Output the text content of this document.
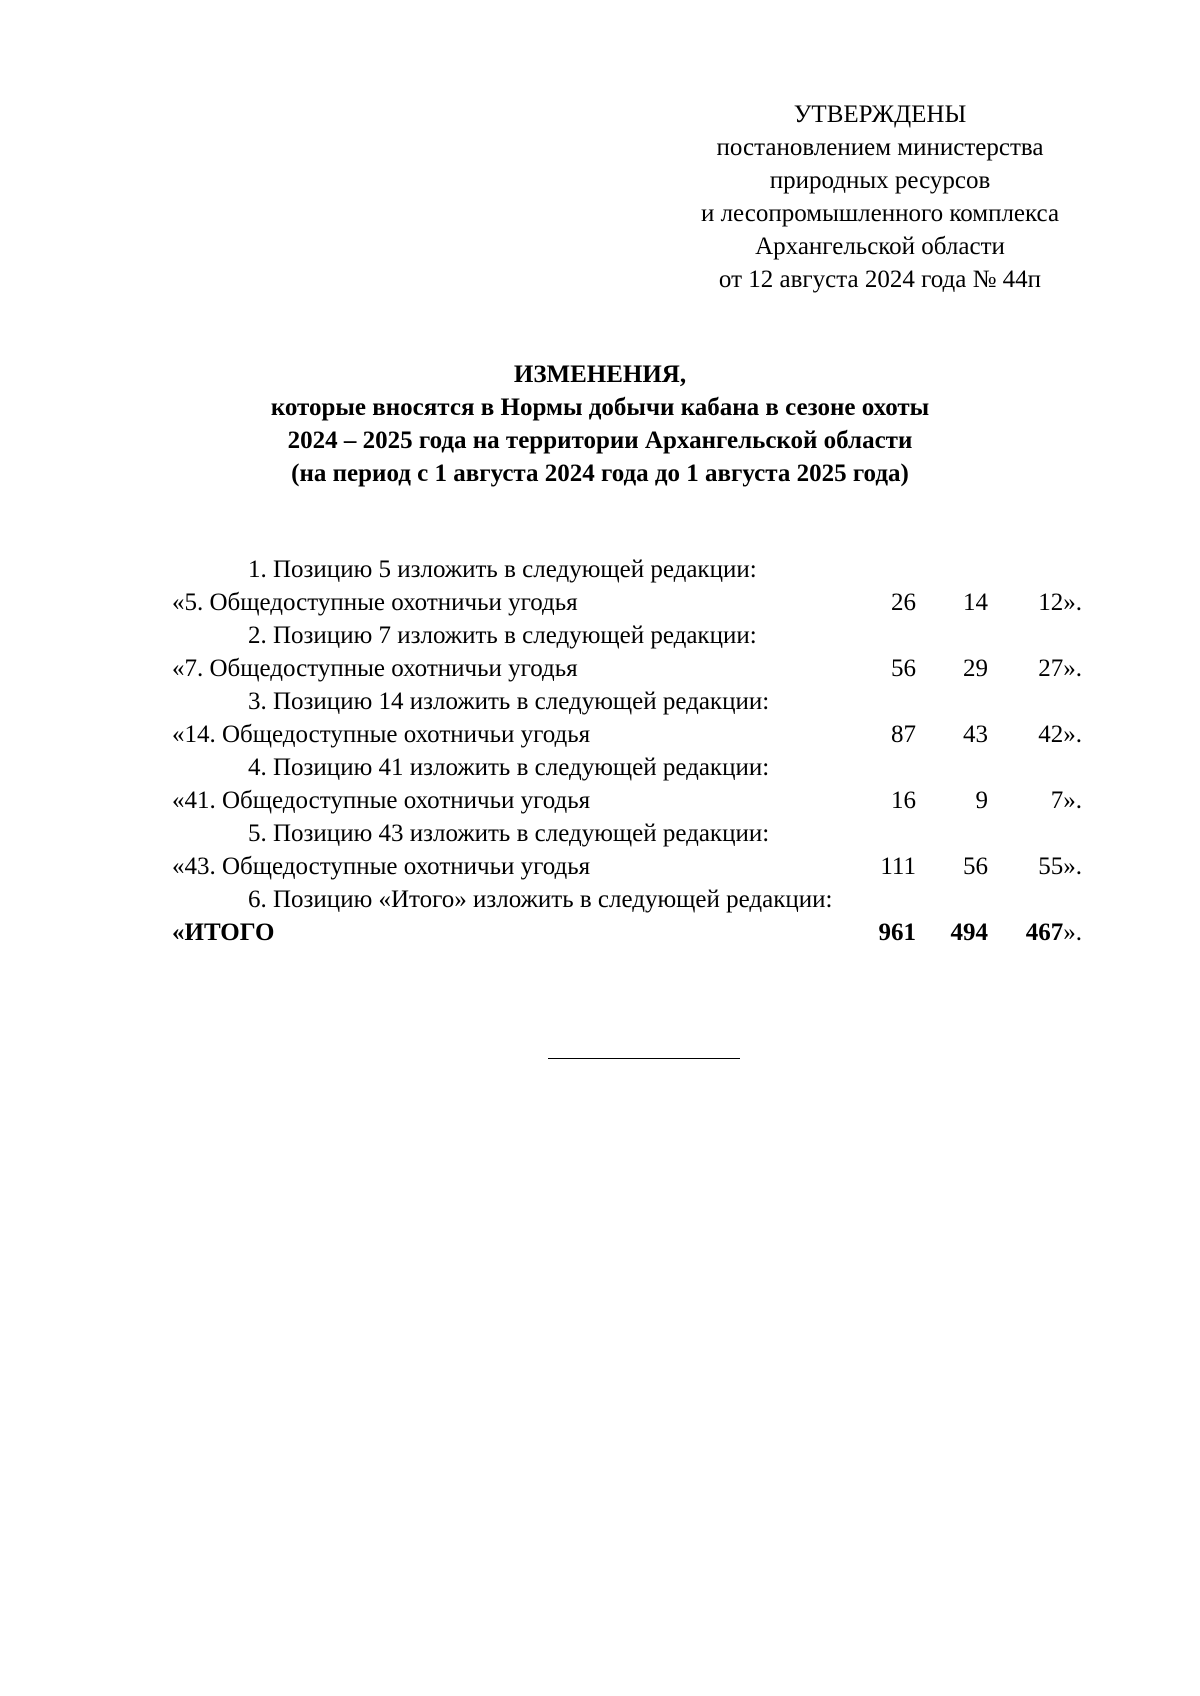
УТВЕРЖДЕНЫ
постановлением министерства
природных ресурсов
и лесопромышленного комплекса
Архангельской области
от 12 августа 2024 года № 44п
ИЗМЕНЕНИЯ,
которые вносятся в Нормы добычи кабана в сезоне охоты
2024 – 2025 года на территории Архангельской области
(на период с 1 августа 2024 года до 1 августа 2025 года)
1. Позицию 5 изложить в следующей редакции:
«5. Общедоступные охотничьи угодья	26	14	12».
2. Позицию 7 изложить в следующей редакции:
«7. Общедоступные охотничьи угодья	56	29	27».
3. Позицию 14 изложить в следующей редакции:
«14. Общедоступные охотничьи угодья	87	43	42».
4. Позицию 41 изложить в следующей редакции:
«41. Общедоступные охотничьи угодья	16	9	7».
5. Позицию 43 изложить в следующей редакции:
«43. Общедоступные охотничьи угодья	111	56	55».
6. Позицию «Итого» изложить в следующей редакции:
«ИТОГО	961	494	467».
